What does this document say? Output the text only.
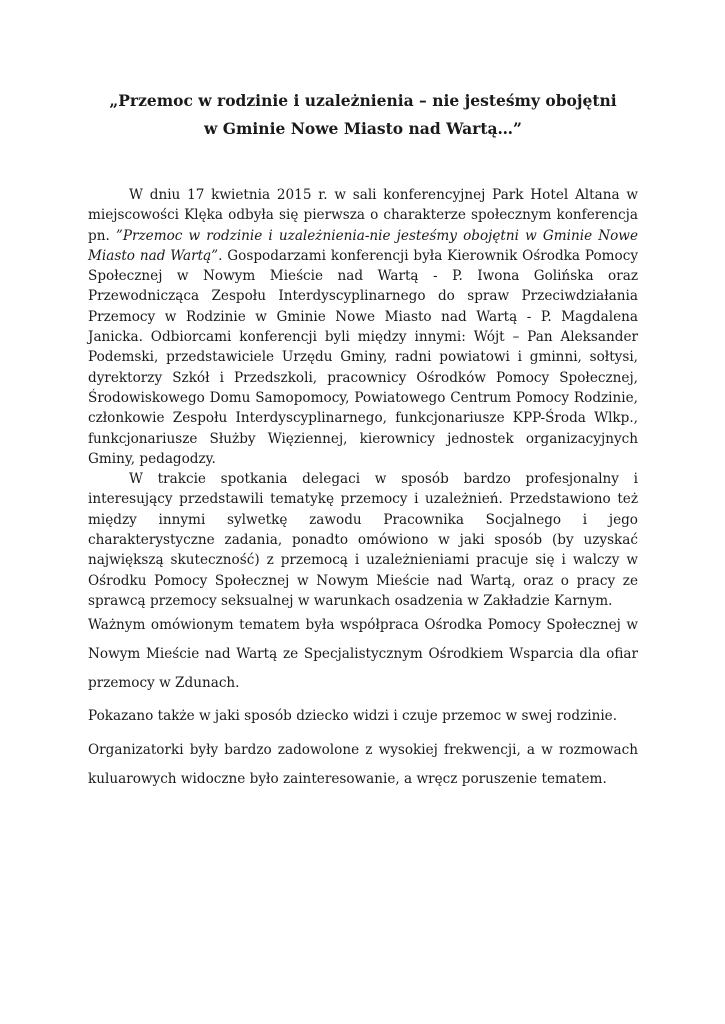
„Przemoc w rodzinie i uzależnienia – nie jesteśmy obojętni
w Gminie Nowe Miasto nad Wartą…”

W dniu 17 kwietnia 2015 r. w sali konferencyjnej Park Hotel Altana w miejscowości Klęka odbyła się pierwsza o charakterze społecznym konferencja pn. ”Przemoc w rodzinie i uzależnienia-nie jesteśmy obojętni w Gminie Nowe Miasto nad Wartą”. Gospodarzami konferencji była Kierownik Ośrodka Pomocy Społecznej w Nowym Mieście nad Wartą - P. Iwona Golińska oraz Przewodnicząca Zespołu Interdyscyplinarnego do spraw Przeciwdziałania Przemocy w Rodzinie w Gminie Nowe Miasto nad Wartą - P. Magdalena Janicka. Odbiorcami konferencji byli między innymi: Wójt – Pan Aleksander Podemski, przedstawiciele Urzędu Gminy, radni powiatowi i gminni, sołtysi, dyrektorzy Szkół i Przedszkoli, pracownicy Ośrodków Pomocy Społecznej, Środowiskowego Domu Samopomocy, Powiatowego Centrum Pomocy Rodzinie, członkowie Zespołu Interdyscyplinarnego, funkcjonariusze KPP-Środa Wlkp., funkcjonariusze Służby Więziennej, kierownicy jednostek organizacyjnych Gminy, pedagodzy.

W trakcie spotkania delegaci w sposób bardzo profesjonalny i interesujący przedstawili tematykę przemocy i uzależnień. Przedstawiono też między innymi sylwetkę zawodu Pracownika Socjalnego i jego charakterystyczne zadania, ponadto omówiono w jaki sposób (by uzyskać największą skuteczność) z przemocą i uzależnieniami pracuje się i walczy w Ośrodku Pomocy Społecznej w Nowym Mieście nad Wartą, oraz o pracy ze sprawcą przemocy seksualnej w warunkach osadzenia w Zakładzie Karnym.

Ważnym omówionym tematem była współpraca Ośrodka Pomocy Społecznej w Nowym Mieście nad Wartą ze Specjalistycznym Ośrodkiem Wsparcia dla ofiar przemocy w Zdunach.

Pokazano także w jaki sposób dziecko widzi i czuje przemoc w swej rodzinie.

Organizatorki były bardzo zadowolone z wysokiej frekwencji, a w rozmowach kuluarowych widoczne było zainteresowanie, a wręcz poruszenie tematem.
